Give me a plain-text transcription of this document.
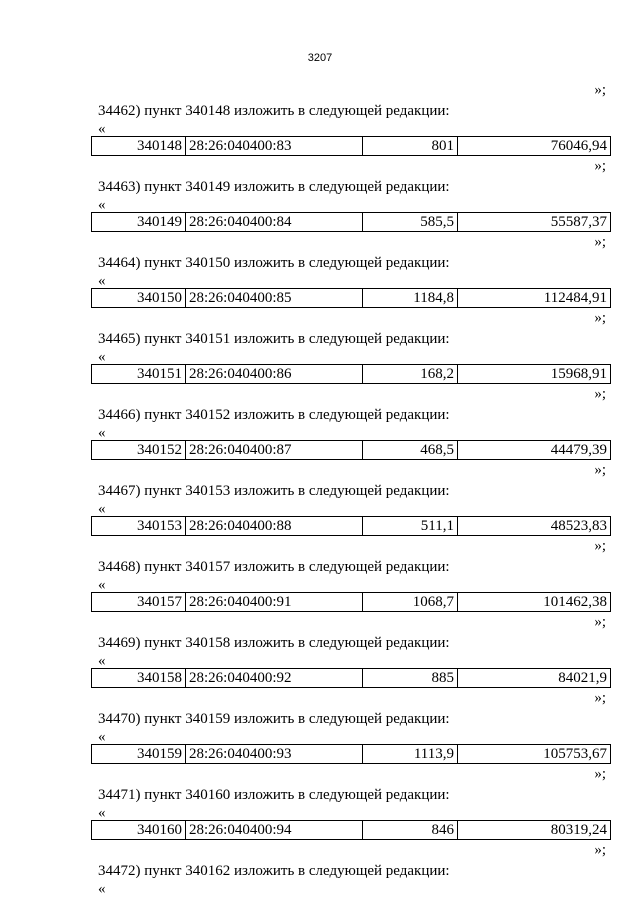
3207
»;
34462) пункт 340148 изложить в следующей редакции:
«
340148	28:26:040400:83	801	76046,94
»;
34463) пункт 340149 изложить в следующей редакции:
«
340149	28:26:040400:84	585,5	55587,37
»;
34464) пункт 340150 изложить в следующей редакции:
«
340150	28:26:040400:85	1184,8	112484,91
»;
34465) пункт 340151 изложить в следующей редакции:
«
340151	28:26:040400:86	168,2	15968,91
»;
34466) пункт 340152 изложить в следующей редакции:
«
340152	28:26:040400:87	468,5	44479,39
»;
34467) пункт 340153 изложить в следующей редакции:
«
340153	28:26:040400:88	511,1	48523,83
»;
34468) пункт 340157 изложить в следующей редакции:
«
340157	28:26:040400:91	1068,7	101462,38
»;
34469) пункт 340158 изложить в следующей редакции:
«
340158	28:26:040400:92	885	84021,9
»;
34470) пункт 340159 изложить в следующей редакции:
«
340159	28:26:040400:93	1113,9	105753,67
»;
34471) пункт 340160 изложить в следующей редакции:
«
340160	28:26:040400:94	846	80319,24
»;
34472) пункт 340162 изложить в следующей редакции:
«
